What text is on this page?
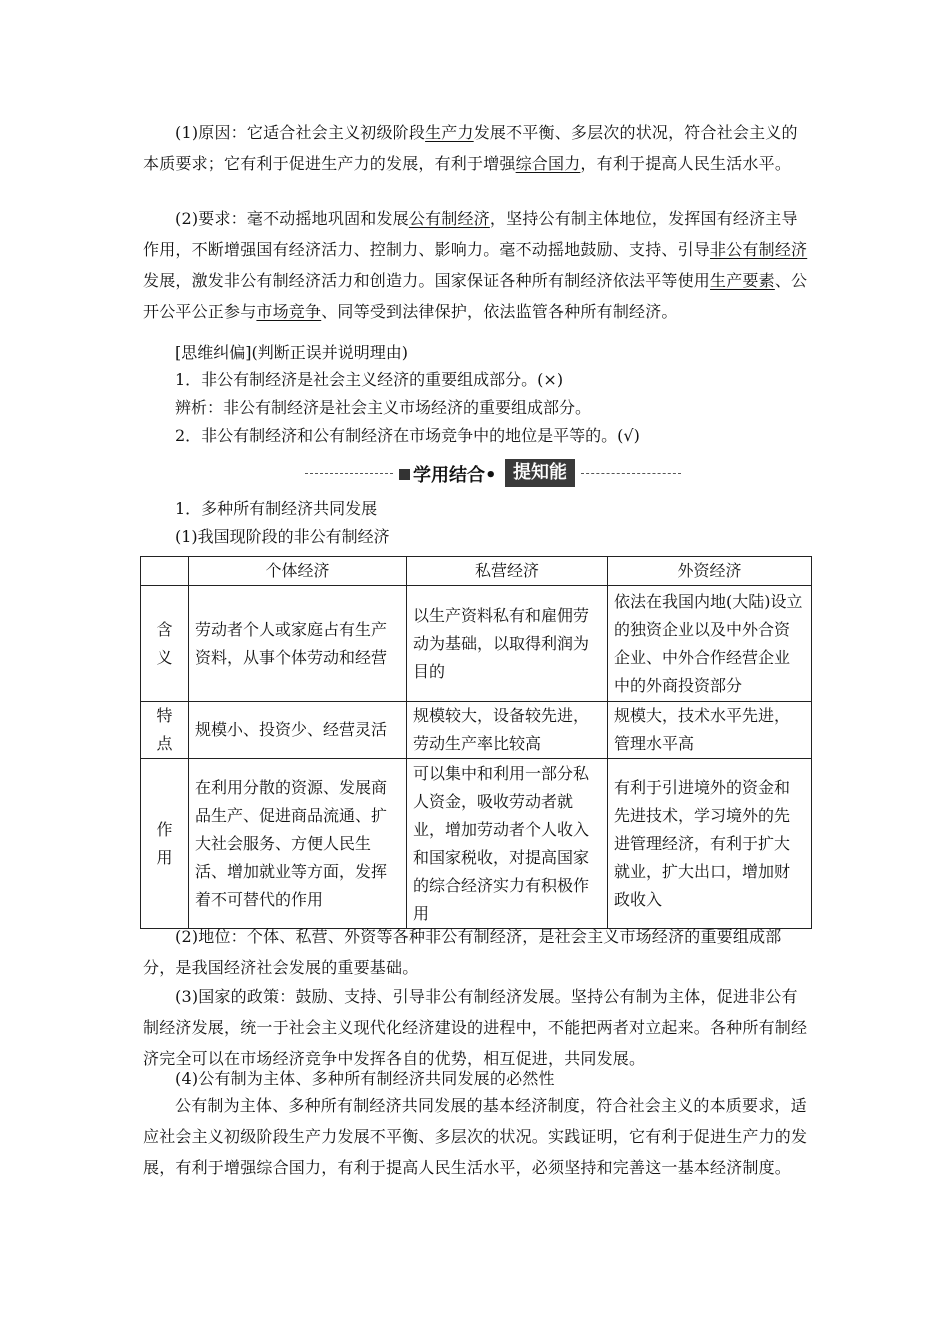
(1)原因：它适合社会主义初级阶段生产力发展不平衡、多层次的状况，符合社会主义的本质要求；它有利于促进生产力的发展，有利于增强综合国力，有利于提高人民生活水平。

(2)要求：毫不动摇地巩固和发展公有制经济，坚持公有制主体地位，发挥国有经济主导作用，不断增强国有经济活力、控制力、影响力。毫不动摇地鼓励、支持、引导非公有制经济发展，激发非公有制经济活力和创造力。国家保证各种所有制经济依法平等使用生产要素、公开公平公正参与市场竞争、同等受到法律保护，依法监管各种所有制经济。

[思维纠偏](判断正误并说明理由)

1．非公有制经济是社会主义经济的重要组成部分。(×)

辨析：非公有制经济是社会主义市场经济的重要组成部分。

2．非公有制经济和公有制经济在市场竞争中的地位是平等的。(√)

学用结合• 提知能

1．多种所有制经济共同发展

(1)我国现阶段的非公有制经济

	个体经济	私营经济	外资经济

含
义	劳动者个人或家庭占有生产资料，从事个体劳动和经营	以生产资料私有和雇佣劳动为基础，以取得利润为目的	依法在我国内地(大陆)设立的独资企业以及中外合资企业、中外合作经营企业中的外商投资部分

特
点	规模小、投资少、经营灵活	规模较大，设备较先进，劳动生产率比较高	规模大，技术水平先进，管理水平高

作
用	在利用分散的资源、发展商品生产、促进商品流通、扩大社会服务、方便人民生活、增加就业等方面，发挥着不可替代的作用	可以集中和利用一部分私人资金，吸收劳动者就业，增加劳动者个人收入和国家税收，对提高国家的综合经济实力有积极作用	有利于引进境外的资金和先进技术，学习境外的先进管理经济，有利于扩大就业，扩大出口，增加财政收入

(2)地位：个体、私营、外资等各种非公有制经济，是社会主义市场经济的重要组成部分，是我国经济社会发展的重要基础。

(3)国家的政策：鼓励、支持、引导非公有制经济发展。坚持公有制为主体，促进非公有制经济发展，统一于社会主义现代化经济建设的进程中，不能把两者对立起来。各种所有制经济完全可以在市场经济竞争中发挥各自的优势，相互促进，共同发展。

(4)公有制为主体、多种所有制经济共同发展的必然性

公有制为主体、多种所有制经济共同发展的基本经济制度，符合社会主义的本质要求，适应社会主义初级阶段生产力发展不平衡、多层次的状况。实践证明，它有利于促进生产力的发展，有利于增强综合国力，有利于提高人民生活水平，必须坚持和完善这一基本经济制度。
